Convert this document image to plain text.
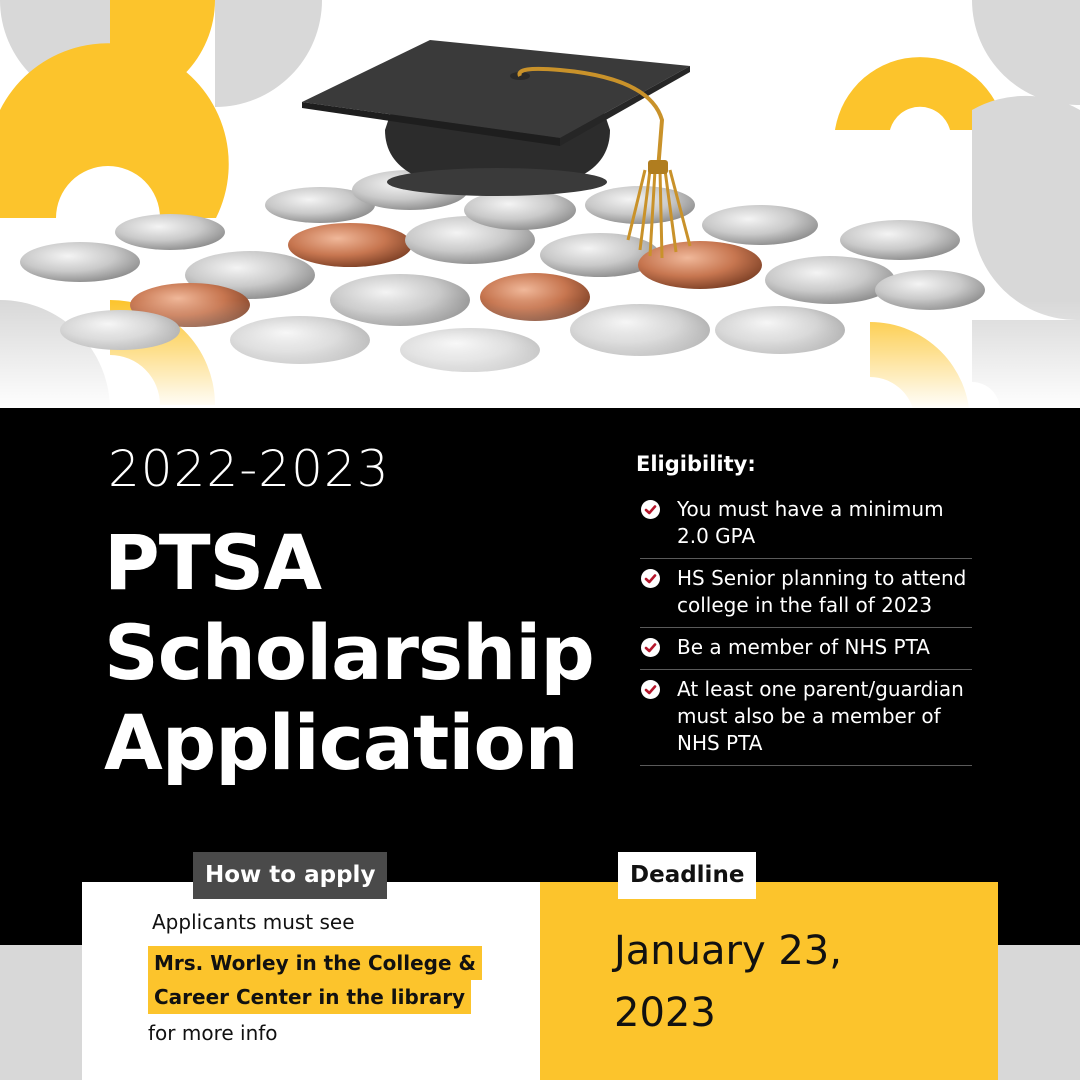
2022-2023
PTSA
Scholarship
Application
Eligibility:
You must have a minimum 2.0 GPA
HS Senior planning to attend college in the fall of 2023
Be a member of NHS PTA
At least one parent/guardian must also be a member of NHS PTA
How to apply
Applicants must see
Mrs. Worley in the College &
Career Center in the library
for more info
Deadline
January 23,
2023
